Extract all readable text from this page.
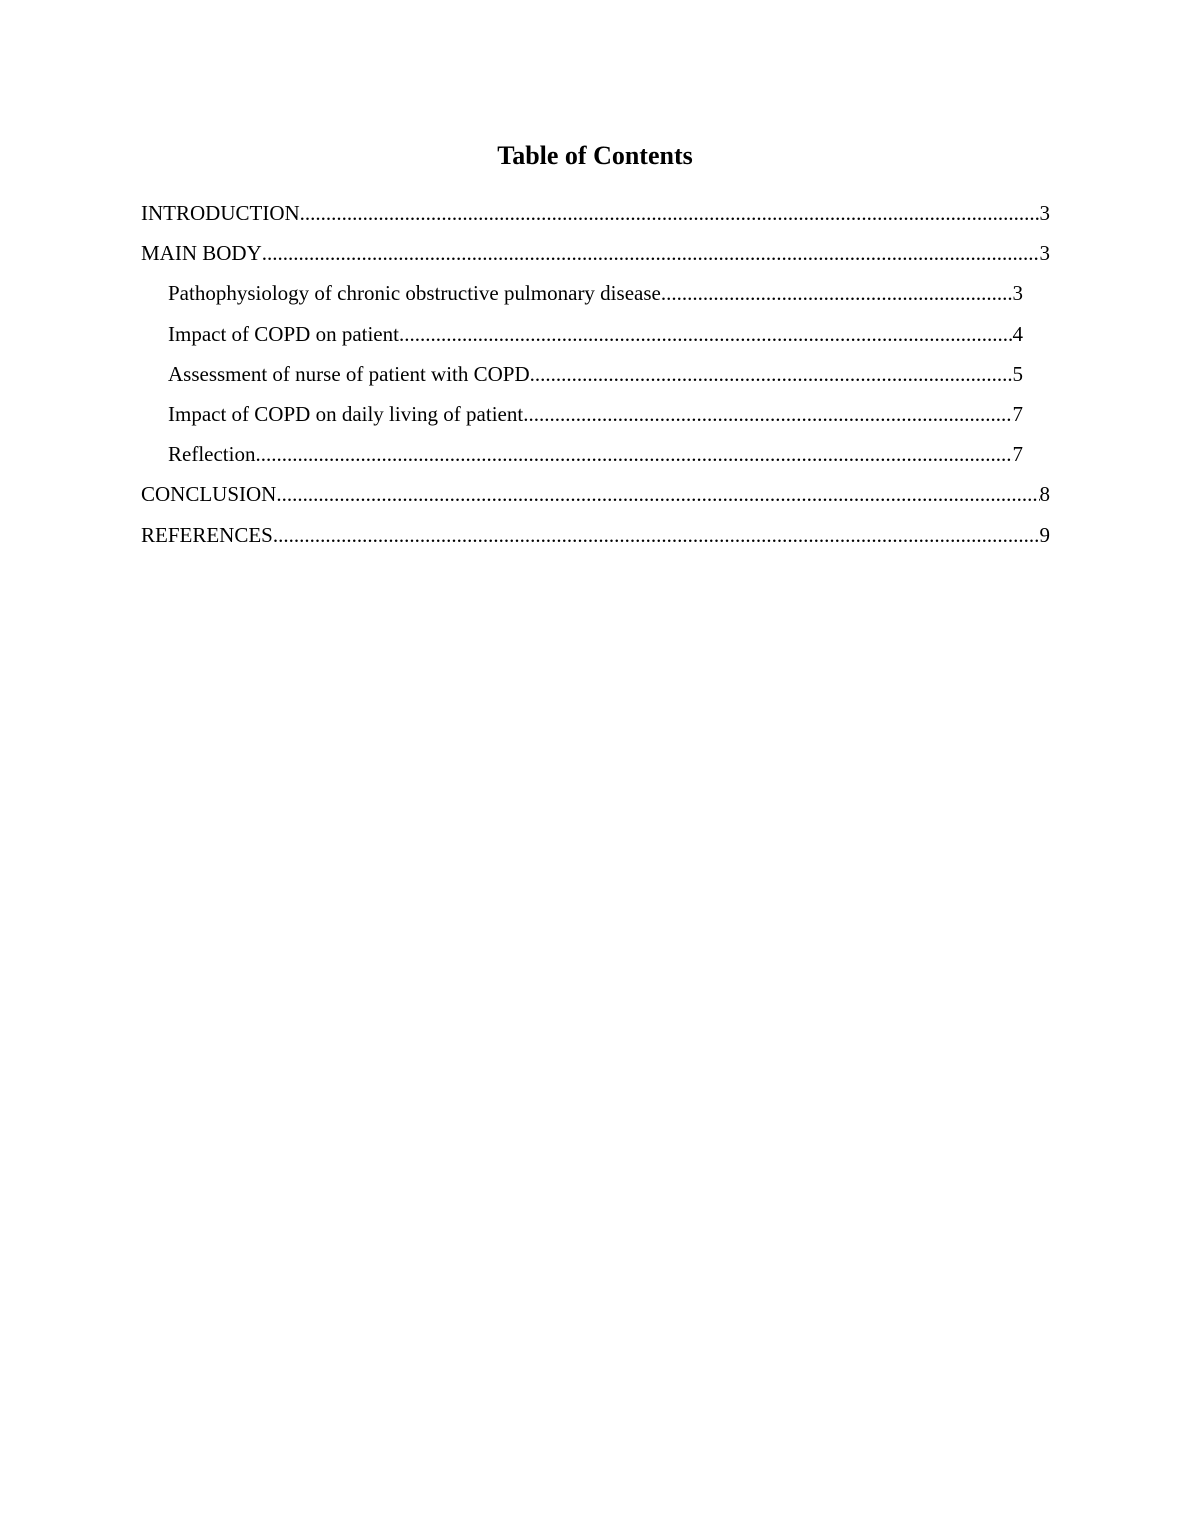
Table of Contents
INTRODUCTION .....	3
MAIN BODY .....	3
Pathophysiology of chronic obstructive pulmonary disease .....	3
Impact of COPD on patient .....	4
Assessment of nurse of patient with COPD .....	5
Impact of COPD on daily living of patient .....	7
Reflection .....	7
CONCLUSION .....	8
REFERENCES .....	9
